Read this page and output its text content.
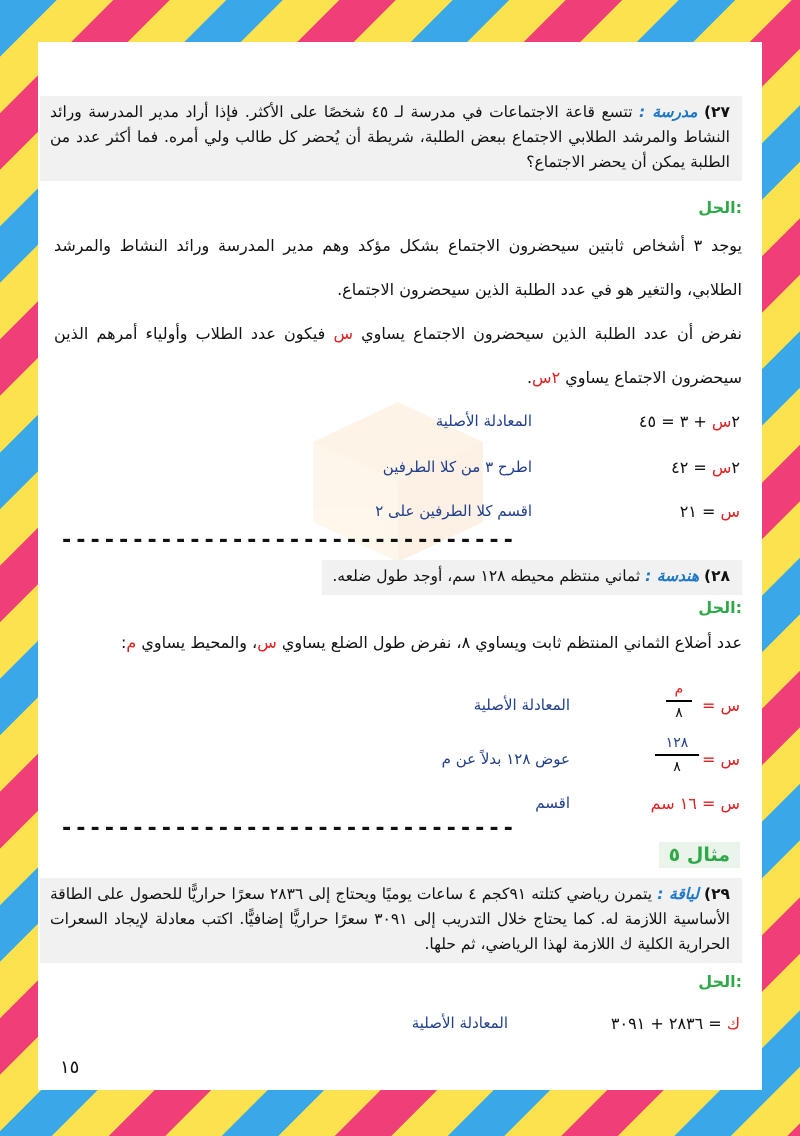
٢٧) مدرسة : تتسع قاعة الاجتماعات في مدرسة لـ ٤٥ شخصًا على الأكثر. فإذا أراد مدير المدرسة ورائد النشاط والمرشد الطلابي الاجتماع ببعض الطلبة، شريطة أن يُحضر كل طالب ولي أمره. فما أكثر عدد من الطلبة يمكن أن يحضر الاجتماع؟
الحل:
يوجد ٣ أشخاص ثابتين سيحضرون الاجتماع بشكل مؤكد وهم مدير المدرسة ورائد النشاط والمرشد الطلابي، والتغير هو في عدد الطلبة الذين سيحضرون الاجتماع.
نفرض أن عدد الطلبة الذين سيحضرون الاجتماع يساوي س فيكون عدد الطلاب وأولياء أمرهم الذين سيحضرون الاجتماع يساوي ٢س.
٢س + ٣ = ٤٥
المعادلة الأصلية
٢س = ٤٢
اطرح ٣ من كلا الطرفين
س = ٢١
اقسم كلا الطرفين على ٢
--------------------------------
٢٨) هندسة : ثماني منتظم محيطه ١٢٨ سم، أوجد طول ضلعه.
الحل:
عدد أضلاع الثماني المنتظم ثابت ويساوي ٨، نفرض طول الضلع يساوي س، والمحيط يساوي م:
س =
م
٨
المعادلة الأصلية
س =
١٢٨
٨
عوض ١٢٨ بدلاً عن م
س = ١٦ سم
اقسم
--------------------------------
مثال ٥
٢٩) لياقة : يتمرن رياضي كتلته ٩١كجم ٤ ساعات يوميًا ويحتاج إلى ٢٨٣٦ سعرًا حراريًّا للحصول على الطاقة الأساسية اللازمة له. كما يحتاج خلال التدريب إلى ٣٠٩١ سعرًا حراريًّا إضافيًّا. اكتب معادلة لإيجاد السعرات الحرارية الكلية ك اللازمة لهذا الرياضي، ثم حلها.
الحل:
ك = ٢٨٣٦ + ٣٠٩١
المعادلة الأصلية
١٥
